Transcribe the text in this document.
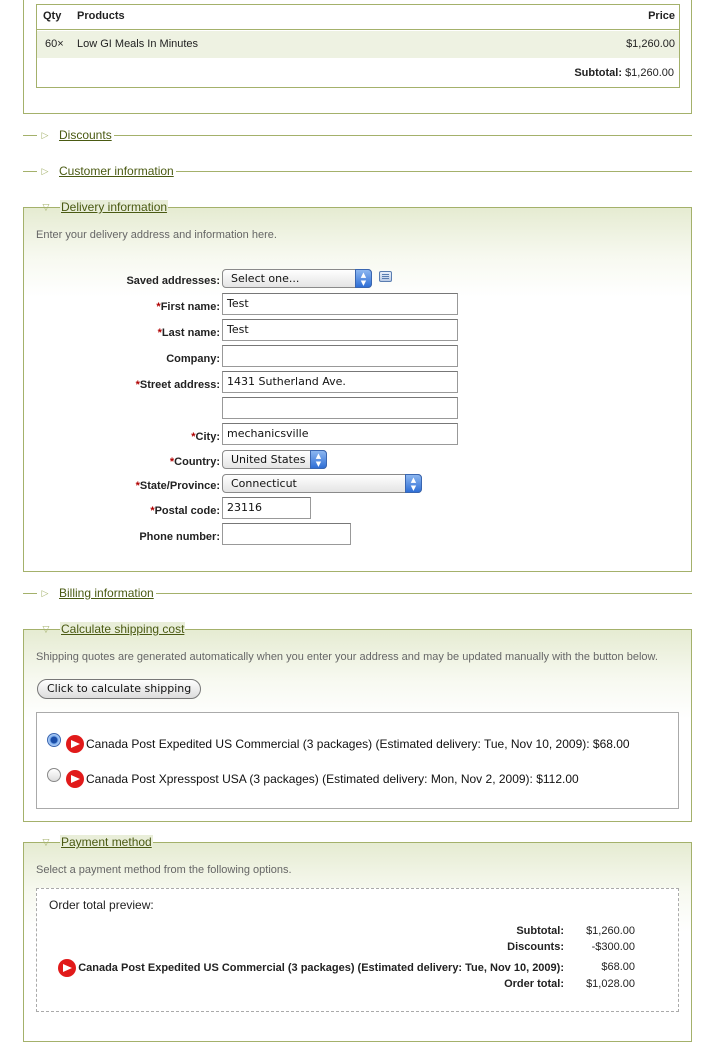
Qty Products	Price
60× Low GI Meals In Minutes	$1,260.00
Subtotal: $1,260.00
▷ Discounts
▷ Customer information
▽ Delivery information
Enter your delivery address and information here.
Saved addresses:	Select one...	▲
▼
*First name: Test
*Last name: Test
Company:
*Street address: 1431 Sutherland Ave.
*City: mechanicsville
*Country:	United States	▲
▼
*State/Province:	Connecticut	▲
▼
*Postal code: 23116
Phone number:
▷ Billing information
▽ Calculate shipping cost
Shipping quotes are generated automatically when you enter your address and may be updated manually with the button below.
Click to calculate shipping
Canada Post Expedited US Commercial (3 packages) (Estimated delivery: Tue, Nov 10, 2009): $68.00
Canada Post Xpresspost USA (3 packages) (Estimated delivery: Mon, Nov 2, 2009): $112.00
▽ Payment method
Select a payment method from the following options.
Order total preview:
Subtotal: $1,260.00
Discounts:	-$300.00
Canada Post Expedited US Commercial (3 packages) (Estimated delivery: Tue, Nov 10, 2009):	$68.00
Order total: $1,028.00
